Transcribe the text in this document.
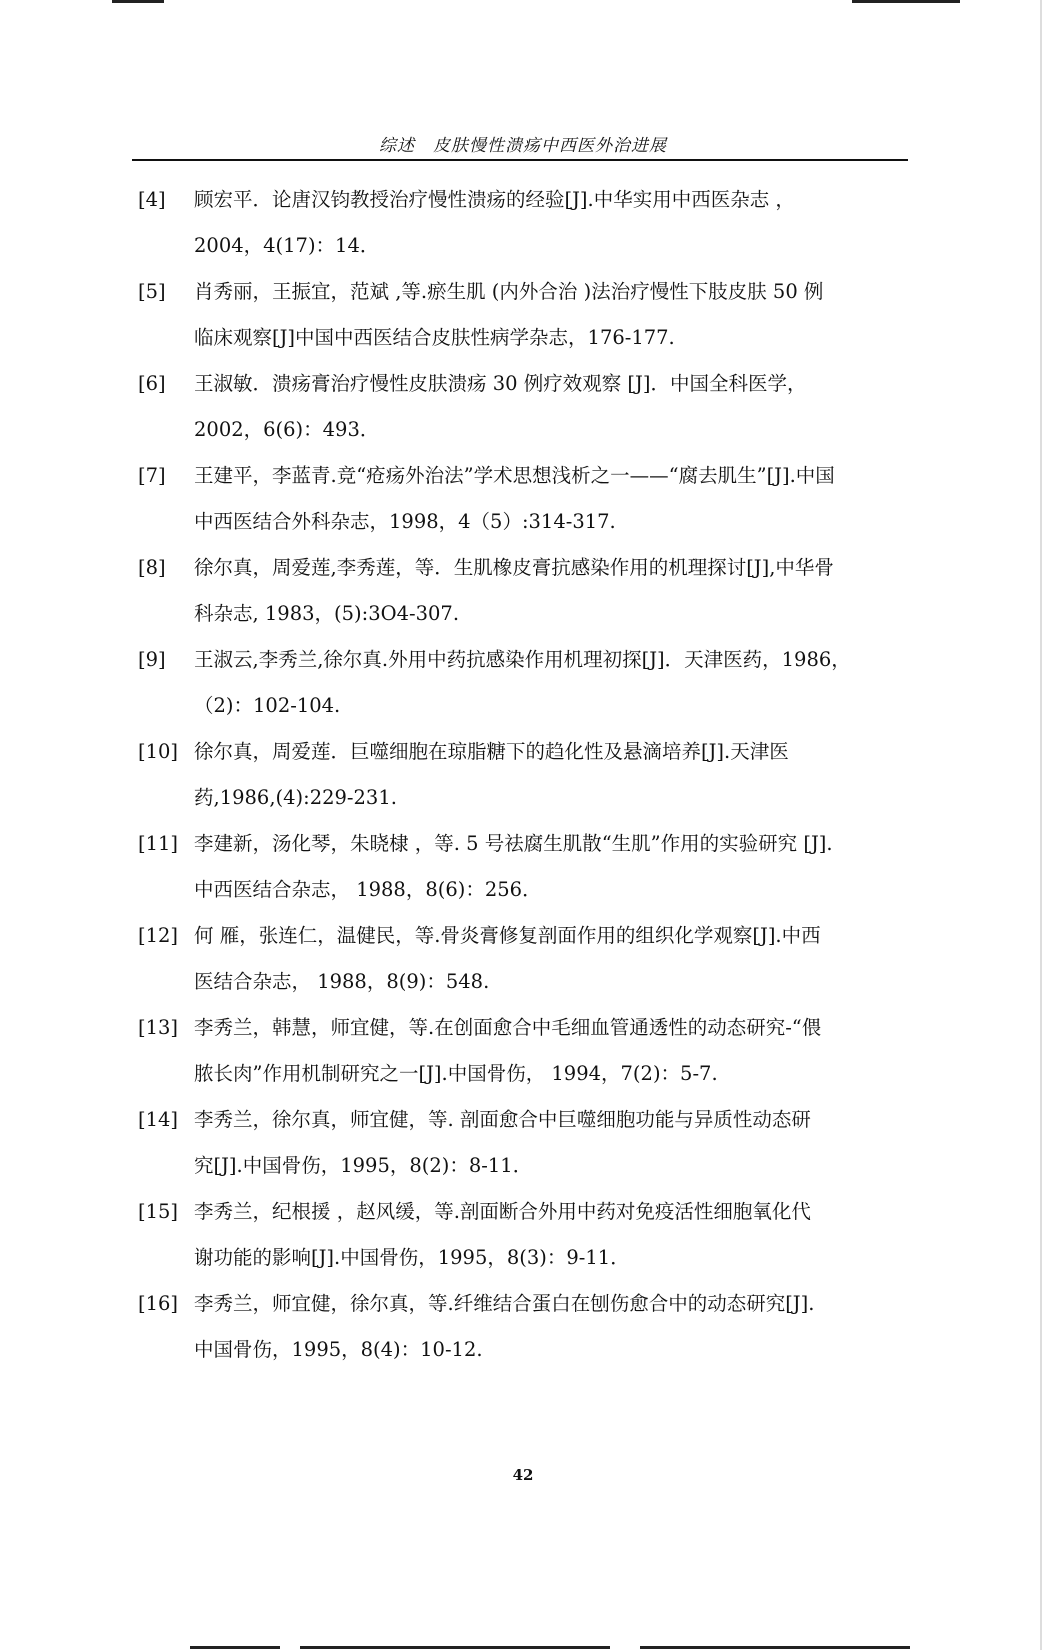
综述　皮肤慢性溃疡中西医外治进展
[4] 顾宏平．论唐汉钧教授治疗慢性溃疡的经验[J].中华实用中西医杂志 ，
2004，4(17)：14．
[5] 肖秀丽，王振宜，范斌 ,等.瘀生肌 (内外合治 )法治疗慢性下肢皮肤 50 例
临床观察[J]中国中西医结合皮肤性病学杂志，176-177.
[6] 王淑敏．溃疡膏治疗慢性皮肤溃疡 30 例疗效观察 [J]．中国全科医学，
2002，6(6)：493．
[7] 王建平，李蓝青.竞“疮疡外治法”学术思想浅析之一——“腐去肌生”[J].中国
中西医结合外科杂志，1998，4（5）:314-317.
[8] 徐尔真，周爱莲,李秀莲，等．生肌橡皮膏抗感染作用的机理探讨[J],中华骨
科杂志, 1983，(5):3O4-307.
[9] 王淑云,李秀兰,徐尔真.外用中药抗感染作用机理初探[J]．天津医药，1986，
（2)：102-104.
[10] 徐尔真，周爱莲．巨噬细胞在琼脂糖下的趋化性及悬滴培养[J].天津医
药,1986,(4):229-231.
[11] 李建新，汤化琴，朱晓棣 ，等. 5 号祛腐生肌散“生肌”作用的实验研究 [J].
中西医结合杂志， 1988，8(6)：256．
[12] 何 雁，张连仁，温健民，等.骨炎膏修复剖面作用的组织化学观察[J].中西
医结合杂志， 1988，8(9)：548.
[13] 李秀兰，韩慧，师宜健，等.在创面愈合中毛细血管通透性的动态研究-“偎
脓长肉”作用机制研究之一[J].中国骨伤， 1994，7(2)：5-7.
[14] 李秀兰，徐尔真，师宜健，等. 剖面愈合中巨噬细胞功能与异质性动态研
究[J].中国骨伤，1995，8(2)：8-11．
[15] 李秀兰，纪根援 ，赵风缓，等.剖面断合外用中药对免疫活性细胞氧化代
谢功能的影响[J].中国骨伤，1995，8(3)：9-11．
[16] 李秀兰，师宜健，徐尔真，等.纤维结合蛋白在刨伤愈合中的动态研究[J].
中国骨伤，1995，8(4)：10-12.
42
